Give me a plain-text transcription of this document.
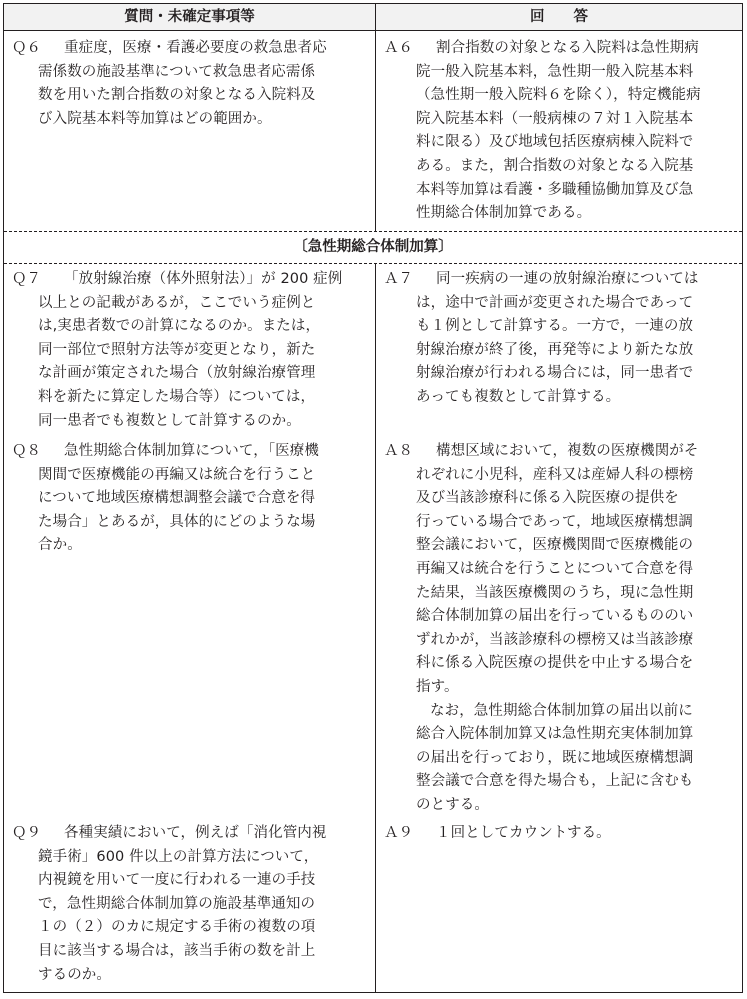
質問・未確定事項等	回　　答
Ｑ６	重症度，医療・看護必要度の救急患者応
需係数の施設基準について救急患者応需係
数を用いた割合指数の対象となる入院料及
び入院基本料等加算はどの範囲か。
Ａ６	割合指数の対象となる入院料は急性期病
院一般入院基本料，急性期一般入院基本料
（急性期一般入院料６を除く），特定機能病
院入院基本料（一般病棟の７対１入院基本
料に限る）及び地域包括医療病棟入院料で
ある。また，割合指数の対象となる入院基
本料等加算は看護・多職種協働加算及び急
性期総合体制加算である。
〔急性期総合体制加算〕
Ｑ７	「放射線治療（体外照射法）」が 200 症例
以上との記載があるが，ここでいう症例と
は,実患者数での計算になるのか。または，
同一部位で照射方法等が変更となり，新た
な計画が策定された場合（放射線治療管理
料を新たに算定した場合等）については，
同一患者でも複数として計算するのか。
Ａ７	同一疾病の一連の放射線治療については
は，途中で計画が変更された場合であって
も１例として計算する。一方で，一連の放
射線治療が終了後，再発等により新たな放
射線治療が行われる場合には，同一患者で
あっても複数として計算する。
Ｑ８	急性期総合体制加算について，「医療機
関間で医療機能の再編又は統合を行うこと
について地域医療構想調整会議で合意を得
た場合」とあるが，具体的にどのような場
合か。
Ａ８	構想区域において，複数の医療機関がそ
れぞれに小児科，産科又は産婦人科の標榜
及び当該診療科に係る入院医療の提供を
行っている場合であって，地域医療構想調
整会議において，医療機関間で医療機能の
再編又は統合を行うことについて合意を得
た結果，当該医療機関のうち，現に急性期
総合体制加算の届出を行っているもののい
ずれかが，当該診療科の標榜又は当該診療
科に係る入院医療の提供を中止する場合を
指す。
なお，急性期総合体制加算の届出以前に
総合入院体制加算又は急性期充実体制加算
の届出を行っており，既に地域医療構想調
整会議で合意を得た場合も，上記に含むも
のとする。
Ｑ９	各種実績において，例えば「消化管内視
鏡手術」600 件以上の計算方法について，
内視鏡を用いて一度に行われる一連の手技
で，急性期総合体制加算の施設基準通知の
１の（２）のカに規定する手術の複数の項
目に該当する場合は，該当手術の数を計上
するのか。
Ａ９	１回としてカウントする。
